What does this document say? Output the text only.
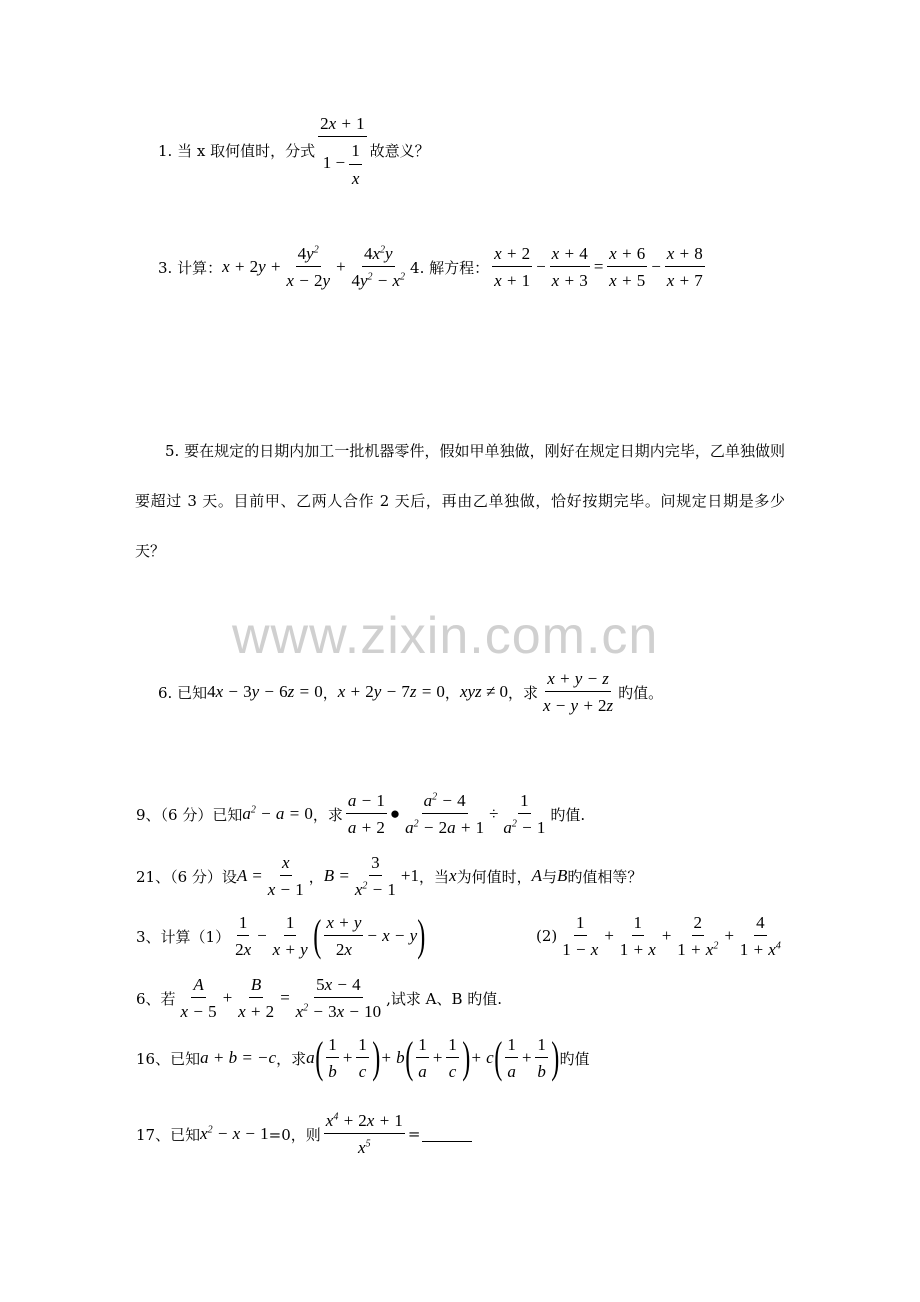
www.zixin.com.cn
1. 当 x 取何值时，分式 $\frac{2x + 1}{1 - \frac{1}{x}}$ 故意义？
3. 计算： $x + 2y + \frac{4y^2}{x - 2y} + \frac{4x^2y}{4y^2 - x^2} 4$. 解方程： $\frac{x + 2}{x + 1} - \frac{x + 4}{x + 3} = \frac{x + 6}{x + 5} - \frac{x + 8}{x + 7}$
5. 要在规定的日期内加工一批机器零件，假如甲单独做，刚好在规定日期内完毕，乙单独做则要超过 3 天。目前甲、乙两人合作 2 天后，再由乙单独做，恰好按期完毕。问规定日期是多少天？
6. 已知 4x − 3y − 6z = 0 ， x + 2y − 7z = 0 ， xyz ≠ 0 ，求 $\frac{x + y - z}{x - y + 2z}$ 旳值。
9、（6 分）已知 $a^2 - a = 0$ ，求 $\frac{a - 1}{a + 2}$ ● $\frac{a^2 - 4}{a^2 - 2a + 1} \div \frac{1}{a^2 - 1}$ 旳值.
21、（6 分）设 $A = \frac{x}{x - 1}$ ， $B = \frac{3}{x^2 - 1} +1$ ，当 x 为何值时， A 与 B 旳值相等？
3、计算$(1) \frac{1}{2x} - \frac{1}{x + y}$ ( $\frac{x + y}{2x} - x - y$ )	$(2) \frac{1}{1 - x} + \frac{1}{1 + x} + \frac{2}{1 + x^2} + \frac{4}{1 + x^4}$
6、若 $\frac{A}{x - 5} + \frac{B}{x + 2} = \frac{5x - 4}{x^2 - 3x - 10}$ ,试求 A、B 旳值.
16、已知 a + b = −c ，求 a ( $\frac{1}{b} + \frac{1}{c}$ ) + b ( $\frac{1}{a} + \frac{1}{c}$ ) + c ( $\frac{1}{a} + \frac{1}{b}$ ) 旳值
17、已知 $x^2 - x - 1 =0$，则 $\frac{x^4 + 2x + 1}{x^5}$ =
